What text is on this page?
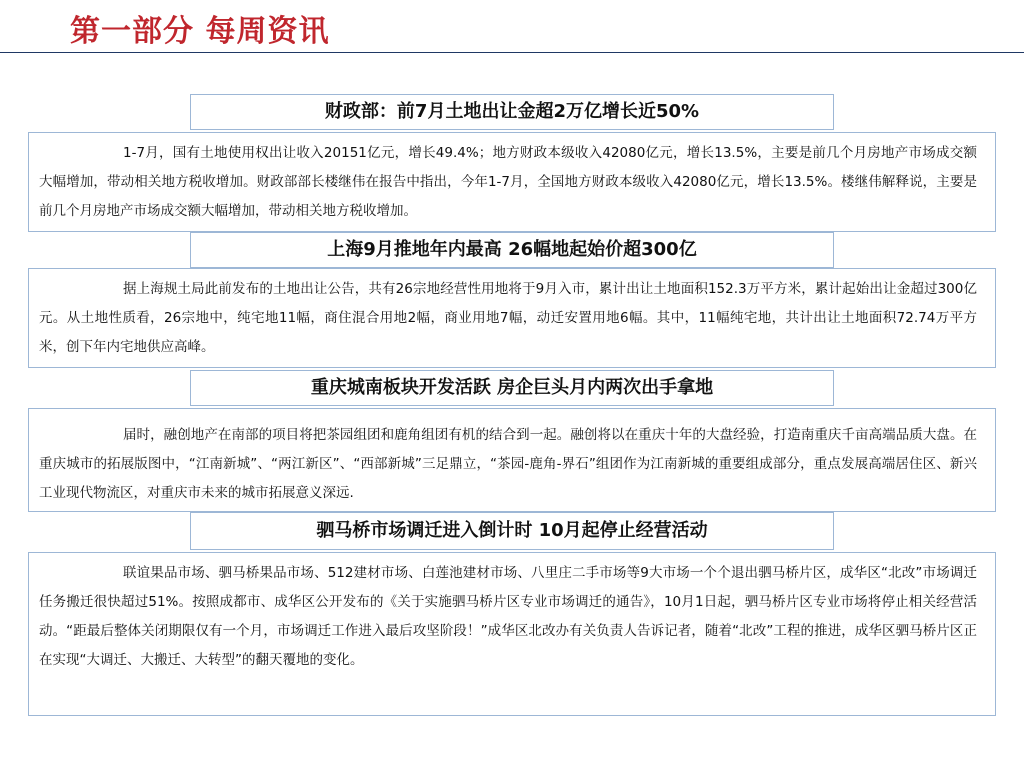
第一部分 每周资讯
财政部：前7月土地出让金超2万亿增长近50%
1-7月，国有土地使用权出让收入20151亿元，增长49.4%；地方财政本级收入42080亿元，增长13.5%，主要是前几个月房地产市场成交额大幅增加，带动相关地方税收增加。财政部部长楼继伟在报告中指出，今年1-7月，全国地方财政本级收入42080亿元，增长13.5%。楼继伟解释说，主要是前几个月房地产市场成交额大幅增加，带动相关地方税收增加。
上海9月推地年内最高 26幅地起始价超300亿
据上海规土局此前发布的土地出让公告，共有26宗地经营性用地将于9月入市，累计出让土地面积152.3万平方米，累计起始出让金超过300亿元。从土地性质看，26宗地中，纯宅地11幅，商住混合用地2幅，商业用地7幅，动迁安置用地6幅。其中，11幅纯宅地，共计出让土地面积72.74万平方米，创下年内宅地供应高峰。
重庆城南板块开发活跃 房企巨头月内两次出手拿地
届时，融创地产在南部的项目将把茶园组团和鹿角组团有机的结合到一起。融创将以在重庆十年的大盘经验，打造南重庆千亩高端品质大盘。在重庆城市的拓展版图中，“江南新城”、“两江新区”、“西部新城”三足鼎立，“茶园-鹿角-界石”组团作为江南新城的重要组成部分，重点发展高端居住区、新兴工业现代物流区，对重庆市未来的城市拓展意义深远.
驷马桥市场调迁进入倒计时 10月起停止经营活动
联谊果品市场、驷马桥果品市场、512建材市场、白莲池建材市场、八里庄二手市场等9大市场一个个退出驷马桥片区，成华区“北改”市场调迁任务搬迁很快超过51%。按照成都市、成华区公开发布的《关于实施驷马桥片区专业市场调迁的通告》，10月1日起，驷马桥片区专业市场将停止相关经营活动。“距最后整体关闭期限仅有一个月，市场调迁工作进入最后攻坚阶段！”成华区北改办有关负责人告诉记者，随着“北改”工程的推进，成华区驷马桥片区正在实现“大调迁、大搬迁、大转型”的翻天覆地的变化。
